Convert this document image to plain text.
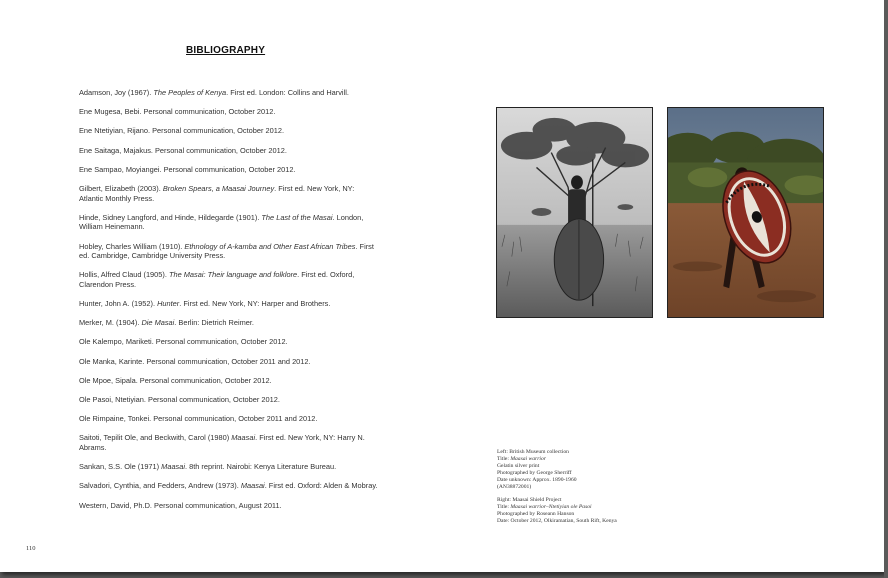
BIBLIOGRAPHY
Adamson, Joy (1967). The Peoples of Kenya. First ed. London: Collins and Harvill.
Ene Mugesa, Bebi. Personal communication, October 2012.
Ene Ntetiyian, Rijano. Personal communication, October 2012.
Ene Saitaga, Majakus. Personal communication, October 2012.
Ene Sampao, Moyiangei. Personal communication, October 2012.
Gilbert, Elizabeth (2003). Broken Spears, a Maasai Journey. First ed. New York, NY: Atlantic Monthly Press.
Hinde, Sidney Langford, and Hinde, Hildegarde (1901). The Last of the Masai. London, William Heinemann.
Hobley, Charles William (1910). Ethnology of A-kamba and Other East African Tribes. First ed. Cambridge, Cambridge University Press.
Hollis, Alfred Claud (1905). The Masai: Their language and folklore. First ed. Oxford, Clarendon Press.
Hunter, John A. (1952). Hunter. First ed. New York, NY: Harper and Brothers.
Merker, M. (1904). Die Masai. Berlin: Dietrich Reimer.
Ole Kalempo, Mariketi. Personal communication, October 2012.
Ole Manka, Karinte. Personal communication, October 2011 and 2012.
Ole Mpoe, Sipala. Personal communication, October 2012.
Ole Pasoi, Ntetiyian. Personal communication, October 2012.
Ole Rimpaine, Tonkei. Personal communication, October 2011 and 2012.
Saitoti, Tepilit Ole, and Beckwith, Carol (1980) Maasai. First ed. New York, NY: Harry N. Abrams.
Sankan, S.S. Ole (1971) Maasai. 8th reprint. Nairobi: Kenya Literature Bureau.
Salvadori, Cynthia, and Fedders, Andrew (1973). Maasai. First ed. Oxford: Alden & Mobray.
Western, David, Ph.D. Personal communication, August 2011.
Left: British Museum collection
Title: Maasai warrior
Gelatin silver print
Photographed by George Sherriff
Date unknown: Approx. 1890-1960
(AN38872001)
Right: Maasai Shield Project
Title: Maasai warrior–Ntetiyian ole Pasoi
Photographed by Roseann Hanson
Date: October 2012, Olkiramatian, South Rift, Kenya
110
